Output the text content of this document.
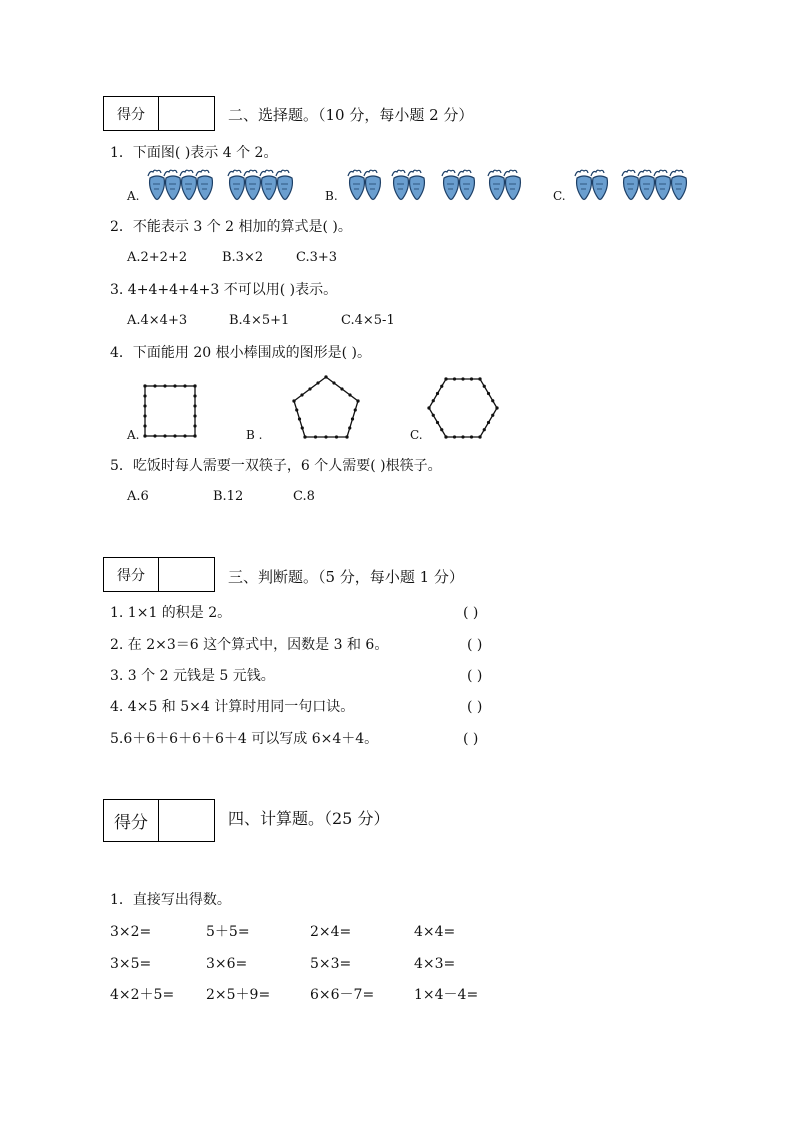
得分	二、选择题。（10 分，每小题 2 分）
1．下面图( )表示 4 个 2。
A.	B.	C.
2．不能表示 3 个 2 相加的算式是( )。
A.2+2+2	B.3×2	C.3+3
3. 4+4+4+4+3 不可以用( )表示。
A.4×4+3	B.4×5+1	C.4×5-1
4．下面能用 20 根小棒围成的图形是( )。
A.	B .	C.
5．吃饭时每人需要一双筷子，6 个人需要( )根筷子。
A.6	B.12	C.8
得分	三、判断题。（5 分，每小题 1 分）
1. 1×1 的积是 2。	( )
2. 在 2×3＝6 这个算式中，因数是 3 和 6。	( )
3. 3 个 2 元钱是 5 元钱。	( )
4. 4×5 和 5×4 计算时用同一句口诀。	( )
5.6＋6＋6＋6＋6＋4 可以写成 6×4＋4。	( )
得分	四、计算题。（25 分）
1．直接写出得数。
3×2=	5＋5=	2×4=	4×4=
3×5=	3×6=	5×3=	4×3=
4×2＋5= 2×5＋9=	6×6－7=	1×4－4=
